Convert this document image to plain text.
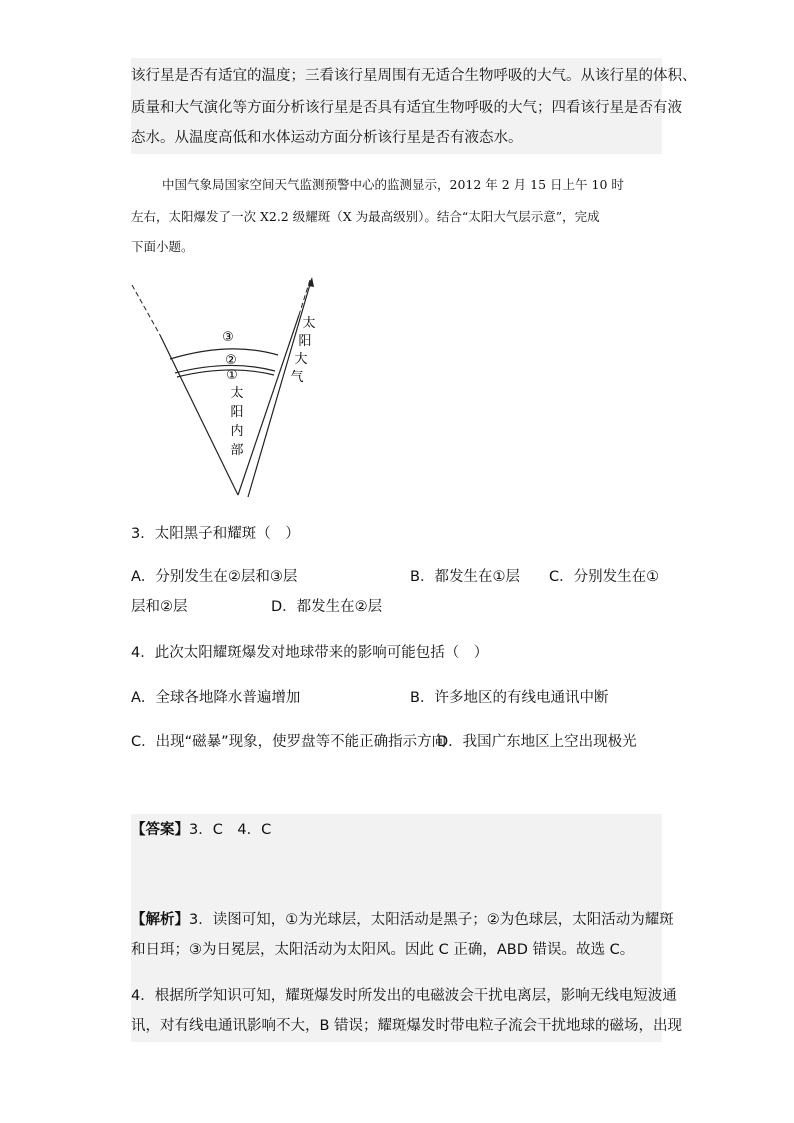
该行星是否有适宜的温度；三看该行星周围有无适合生物呼吸的大气。从该行星的体积、
质量和大气演化等方面分析该行星是否具有适宜生物呼吸的大气；四看该行星是否有液
态水。从温度高低和水体运动方面分析该行星是否有液态水。
中国气象局国家空间天气监测预警中心的监测显示，2012 年 2 月 15 日上午 10 时
左右，太阳爆发了一次 X2.2 级耀斑（X 为最高级别）。结合“太阳大气层示意”，完成
下面小题。
③
②
①
太
阳
内
部
太
阳
大
气
3．太阳黑子和耀斑（　）
A．分别发生在②层和③层	B．都发生在①层 C．分别发生在①
层和②层	D．都发生在②层
4．此次太阳耀斑爆发对地球带来的影响可能包括（　）
A．全球各地降水普遍增加	B．许多地区的有线电通讯中断
C．出现“磁暴”现象，使罗盘等不能正确指示方向
D．我国广东地区上空出现极光
【答案】3．C　4．C
【解析】3．读图可知，①为光球层，太阳活动是黑子；②为色球层，太阳活动为耀斑
和日珥；③为日冕层，太阳活动为太阳风。因此 C 正确，ABD 错误。故选 C。
4．根据所学知识可知，耀斑爆发时所发出的电磁波会干扰电离层，影响无线电短波通
讯，对有线电通讯影响不大，B 错误；耀斑爆发时带电粒子流会干扰地球的磁场，出现
